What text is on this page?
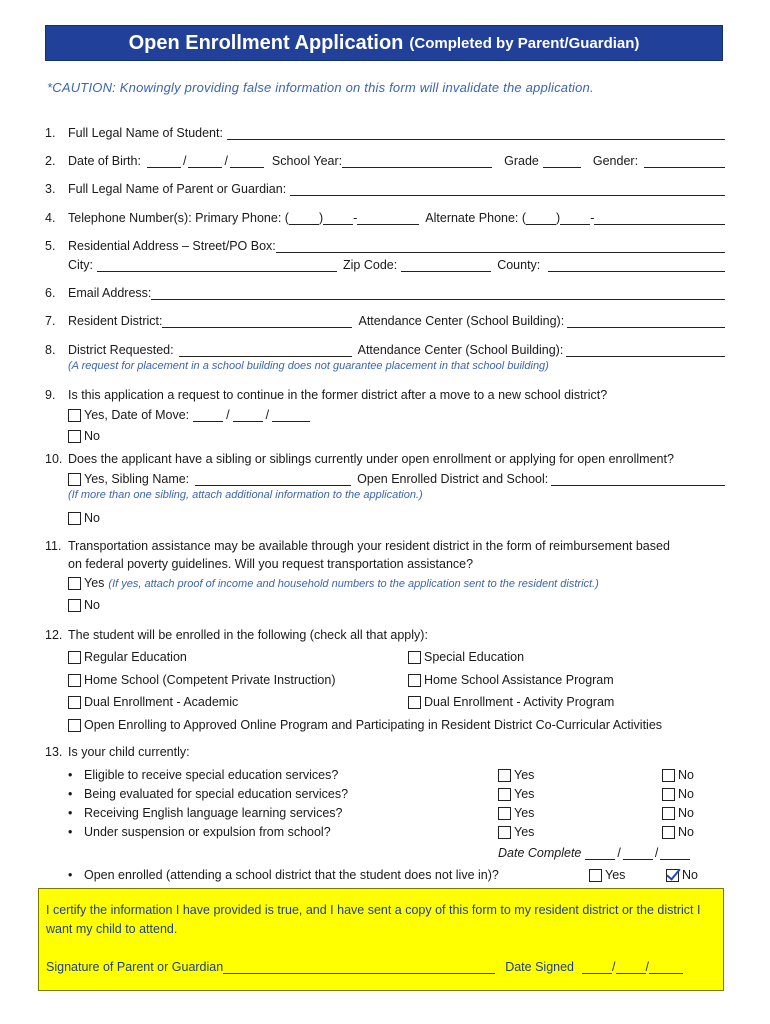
Open Enrollment Application (Completed by Parent/Guardian)
*CAUTION: Knowingly providing false information on this form will invalidate the application.
1.	Full Legal Name of Student:
2.	Date of Birth:	/	/	School Year:	Grade	Gender:
3.	Full Legal Name of Parent or Guardian:
4.	Telephone Number(s): Primary Phone: ( ) -	Alternate Phone: ( ) -
5.	Residential Address – Street/PO Box:
City:	Zip Code:	County:
6.	Email Address:
7.	Resident District:	Attendance Center (School Building):
8.	District Requested:	Attendance Center (School Building):
(A request for placement in a school building does not guarantee placement in that school building)
9. Is this application a request to continue in the former district after a move to a new school district?
Yes, Date of Move:	/	/
No
10. Does the applicant have a sibling or siblings currently under open enrollment or applying for open enrollment?
Yes, Sibling Name:	Open Enrolled District and School:
(If more than one sibling, attach additional information to the application.)
No
11. Transportation assistance may be available through your resident district in the form of reimbursement based
on federal poverty guidelines. Will you request transportation assistance?
Yes (If yes, attach proof of income and household numbers to the application sent to the resident district.)
No
12. The student will be enrolled in the following (check all that apply):
Regular Education	Special Education
Home School (Competent Private Instruction)	Home School Assistance Program
Dual Enrollment - Academic	Dual Enrollment - Activity Program
Open Enrolling to Approved Online Program and Participating in Resident District Co-Curricular Activities
13. Is your child currently:
• Eligible to receive special education services?	Yes	No
• Being evaluated for special education services?	Yes	No
• Receiving English language learning services?	Yes	No
• Under suspension or expulsion from school?	Yes	No
Date Complete	/	/
• Open enrolled (attending a school district that the student does not live in)?	Yes	No
I certify the information I have provided is true, and I have sent a copy of this form to my resident district or the district I want my child to attend.
Signature of Parent or Guardian	Date Signed	/ /
